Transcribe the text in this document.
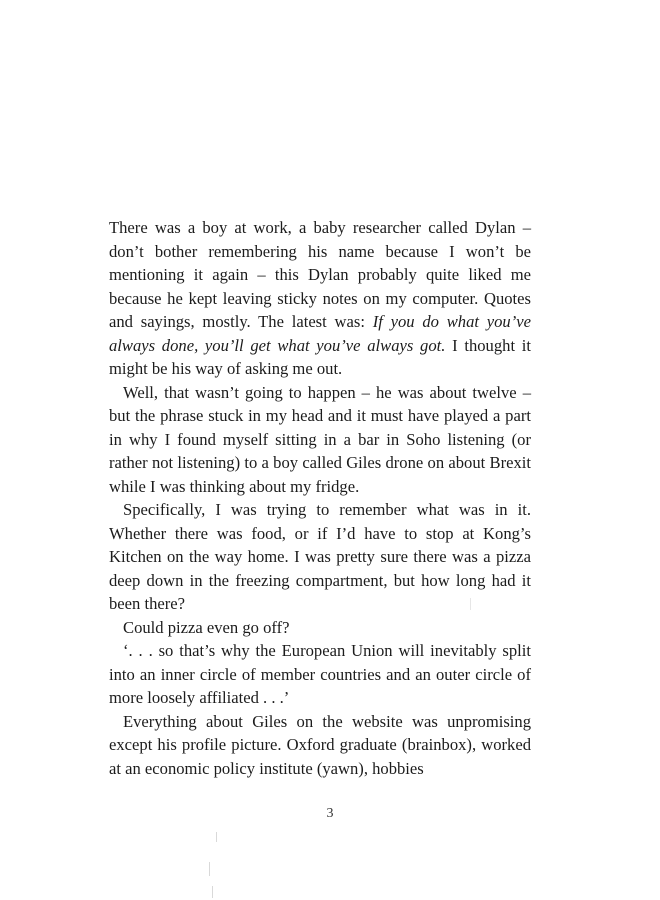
There was a boy at work, a baby researcher called Dylan – don’t bother remembering his name because I won’t be mentioning it again – this Dylan probably quite liked me because he kept leaving sticky notes on my computer. Quotes and sayings, mostly. The latest was: If you do what you’ve always done, you’ll get what you’ve always got. I thought it might be his way of asking me out.

Well, that wasn’t going to happen – he was about twelve – but the phrase stuck in my head and it must have played a part in why I found myself sitting in a bar in Soho listening (or rather not listening) to a boy called Giles drone on about Brexit while I was thinking about my fridge.

Specifically, I was trying to remember what was in it. Whether there was food, or if I’d have to stop at Kong’s Kitchen on the way home. I was pretty sure there was a pizza deep down in the freezing compartment, but how long had it been there?

Could pizza even go off?

‘. . . so that’s why the European Union will inevitably split into an inner circle of member countries and an outer circle of more loosely affiliated . . .’

Everything about Giles on the website was unpromising except his profile picture. Oxford graduate (brainbox), worked at an economic policy institute (yawn), hobbies

3
